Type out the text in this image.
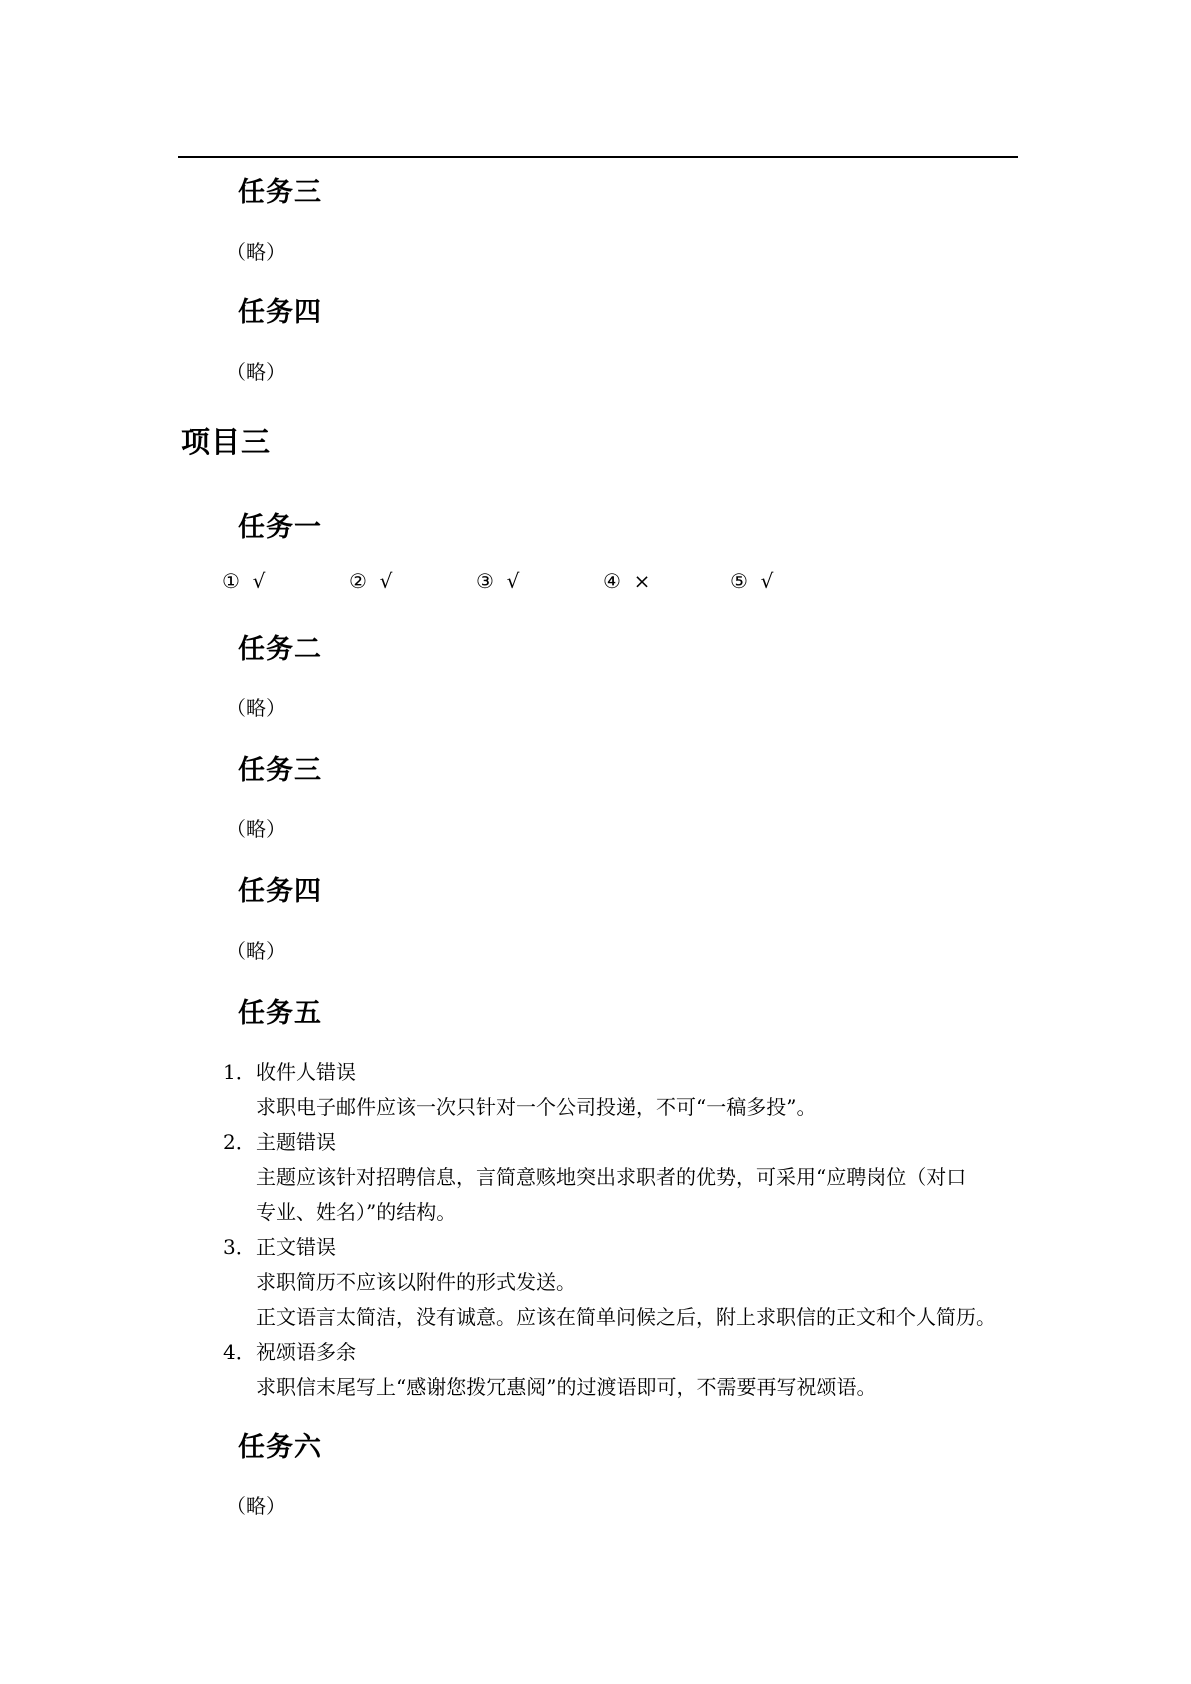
任务三
（略）
任务四
（略）
项目三
任务一
① √	② √	③ √	④ ×	⑤ √
任务二
（略）
任务三
（略）
任务四
（略）
任务五
1． 收件人错误
求职电子邮件应该一次只针对一个公司投递，不可“一稿多投”。
2． 主题错误
主题应该针对招聘信息，言简意赅地突出求职者的优势，可采用“应聘岗位（对口
专业、姓名）”的结构。
3． 正文错误
求职简历不应该以附件的形式发送。
正文语言太简洁，没有诚意。应该在简单问候之后，附上求职信的正文和个人简历。
4． 祝颂语多余
求职信末尾写上“感谢您拨冗惠阅”的过渡语即可，不需要再写祝颂语。
任务六
（略）
